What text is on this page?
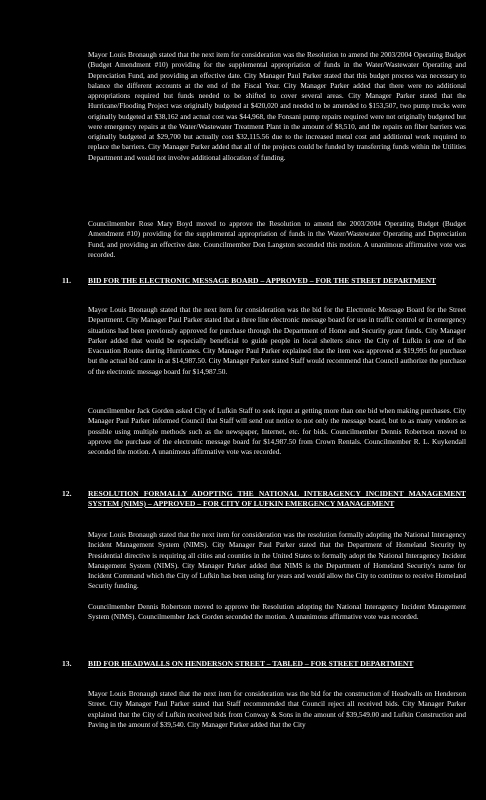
Mayor Louis Bronaugh stated that the next item for consideration was the Resolution to amend the 2003/2004 Operating Budget (Budget Amendment #10) providing for the supplemental appropriation of funds in the Water/Wastewater Operating and Depreciation Fund, and providing an effective date. City Manager Paul Parker stated that this budget process was necessary to balance the different accounts at the end of the Fiscal Year. City Manager Parker added that there were no additional appropriations required but funds needed to be shifted to cover several areas. City Manager Parker stated that the Hurricane/Flooding Project was originally budgeted at $420,020 and needed to be amended to $153,507, two pump trucks were originally budgeted at $38,162 and actual cost was $44,968, the Fonsani pump repairs required were not originally budgeted but were emergency repairs at the Water/Wastewater Treatment Plant in the amount of $8,510, and the repairs on fiber barriers was originally budgeted at $29,700 but actually cost $32,115.56 due to the increased metal cost and additional work required to replace the barriers. City Manager Parker added that all of the projects could be funded by transferring funds within the Utilities Department and would not involve additional allocation of funding.

Councilmember Rose Mary Boyd moved to approve the Resolution to amend the 2003/2004 Operating Budget (Budget Amendment #10) providing for the supplemental appropriation of funds in the Water/Wastewater Operating and Depreciation Fund, and providing an effective date. Councilmember Don Langston seconded this motion. A unanimous affirmative vote was recorded.

11. BID FOR THE ELECTRONIC MESSAGE BOARD – APPROVED – FOR THE STREET DEPARTMENT

Mayor Louis Bronaugh stated that the next item for consideration was the bid for the Electronic Message Board for the Street Department. City Manager Paul Parker stated that a three line electronic message board for use in traffic control or in emergency situations had been previously approved for purchase through the Department of Home and Security grant funds. City Manager Parker added that would be especially beneficial to guide people in local shelters since the City of Lufkin is one of the Evacuation Routes during Hurricanes. City Manager Paul Parker explained that the item was approved at $19,995 for purchase but the actual bid came in at $14,987.50. City Manager Parker stated Staff would recommend that Council authorize the purchase of the electronic message board for $14,987.50.

Councilmember Jack Gorden asked City of Lufkin Staff to seek input at getting more than one bid when making purchases. City Manager Paul Parker informed Council that Staff will send out notice to not only the message board, but to as many vendors as possible using multiple methods such as the newspaper, Internet, etc. for bids. Councilmember Dennis Robertson moved to approve the purchase of the electronic message board for $14,987.50 from Crown Rentals. Councilmember R. L. Kuykendall seconded the motion. A unanimous affirmative vote was recorded.

12. RESOLUTION FORMALLY ADOPTING THE NATIONAL INTERAGENCY INCIDENT MANAGEMENT SYSTEM (NIMS) – APPROVED – FOR CITY OF LUFKIN EMERGENCY MANAGEMENT

Mayor Louis Bronaugh stated that the next item for consideration was the resolution formally adopting the National Interagency Incident Management System (NIMS). City Manager Paul Parker stated that the Department of Homeland Security by Presidential directive is requiring all cities and counties in the United States to formally adopt the National Interagency Incident Management System (NIMS). City Manager Parker added that NIMS is the Department of Homeland Security's name for Incident Command which the City of Lufkin has been using for years and would allow the City to continue to receive Homeland Security funding.

Councilmember Dennis Robertson moved to approve the Resolution adopting the National Interagency Incident Management System (NIMS). Councilmember Jack Gorden seconded the motion. A unanimous affirmative vote was recorded.

13. BID FOR HEADWALLS ON HENDERSON STREET – TABLED – FOR STREET DEPARTMENT

Mayor Louis Bronaugh stated that the next item for consideration was the bid for the construction of Headwalls on Henderson Street. City Manager Paul Parker stated that Staff recommended that Council reject all received bids. City Manager Parker explained that the City of Lufkin received bids from Conway & Sons in the amount of $39,549.00 and Lufkin Construction and Paving in the amount of $39,540. City Manager Parker added that the City
